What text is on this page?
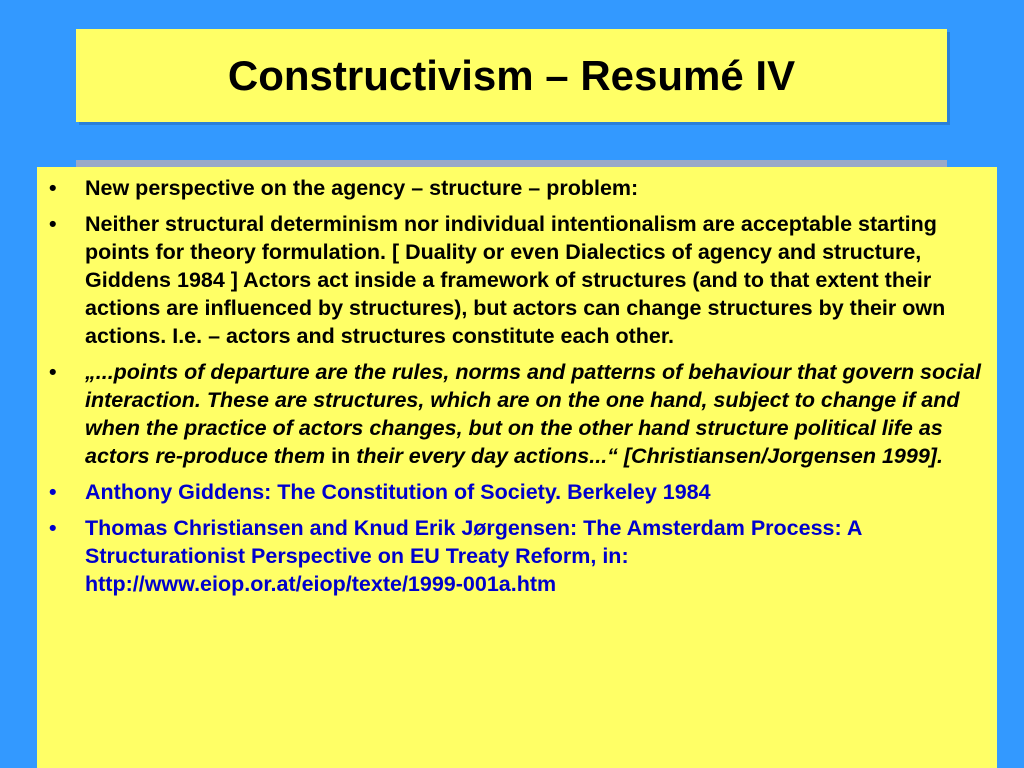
Constructivism – Resumé IV
• New perspective on the agency – structure – problem:
• Neither structural determinism nor individual intentionalism are acceptable starting points for theory formulation. [ Duality or even Dialectics of agency and structure, Giddens 1984 ] Actors act inside a framework of structures (and to that extent their actions are influenced by structures), but actors can change structures by their own actions. I.e. – actors and structures constitute each other.
• „...points of departure are the rules, norms and patterns of behaviour that govern social interaction. These are structures, which are on the one hand, subject to change if and when the practice of actors changes, but on the other hand structure political life as actors re-produce them in their every day actions...“ [Christiansen/Jorgensen 1999].
• Anthony Giddens: The Constitution of Society. Berkeley 1984
• Thomas Christiansen and Knud Erik Jørgensen: The Amsterdam Process: A Structurationist Perspective on EU Treaty Reform, in: http://www.eiop.or.at/eiop/texte/1999-001a.htm
